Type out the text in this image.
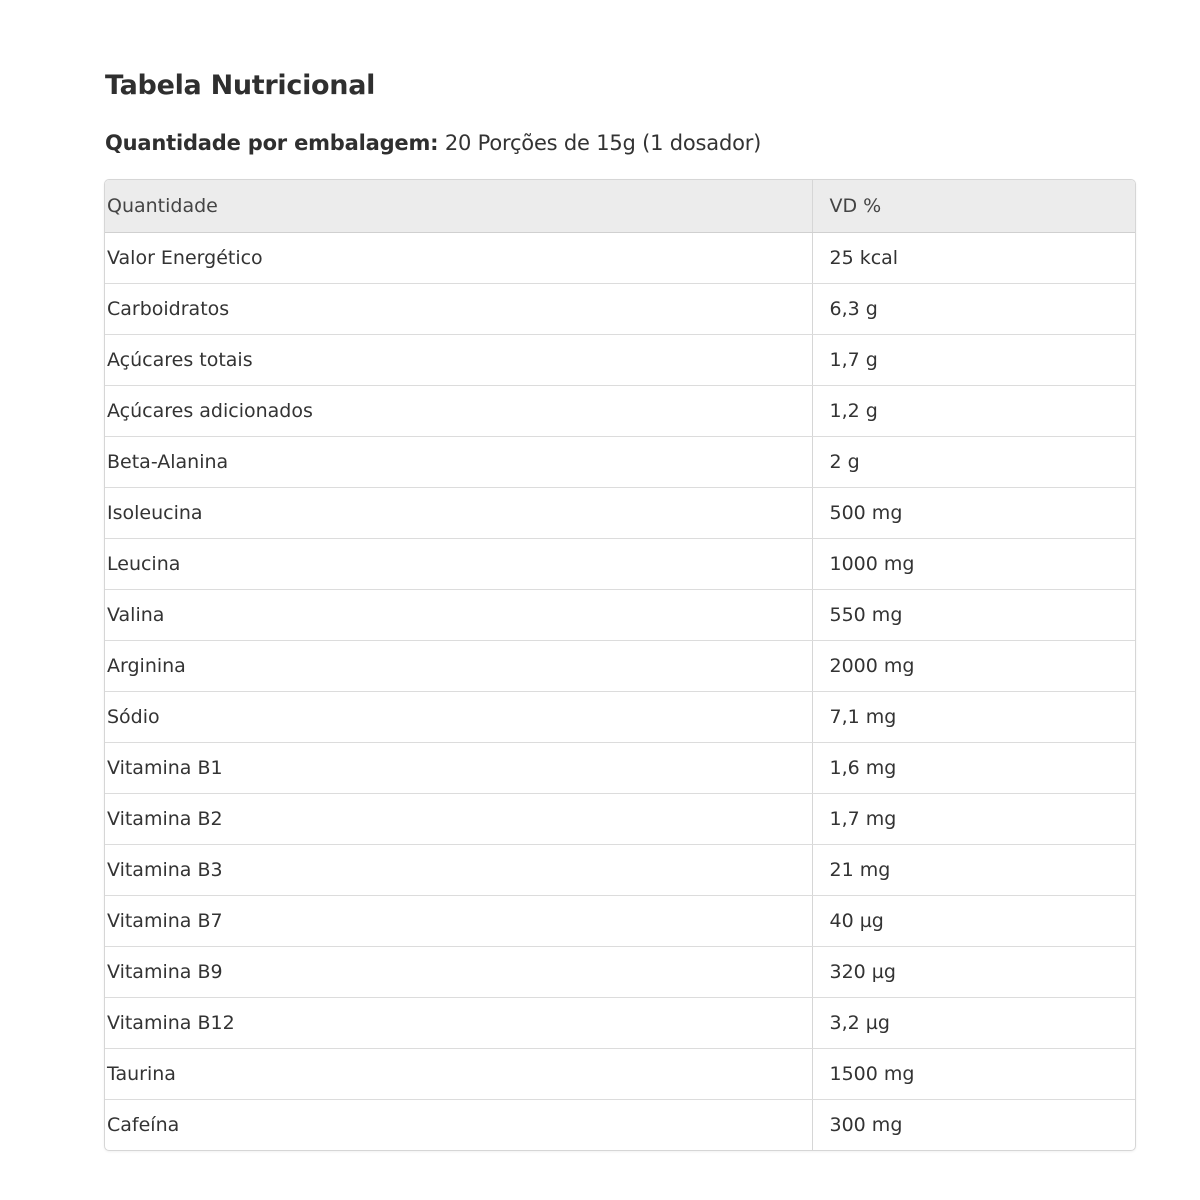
Tabela Nutricional

Quantidade por embalagem: 20 Porções de 15g (1 dosador)

Quantidade	VD %
Valor Energético	25 kcal
Carboidratos	6,3 g
Açúcares totais	1,7 g
Açúcares adicionados	1,2 g
Beta-Alanina	2 g
Isoleucina	500 mg
Leucina	1000 mg
Valina	550 mg
Arginina	2000 mg
Sódio	7,1 mg
Vitamina B1	1,6 mg
Vitamina B2	1,7 mg
Vitamina B3	21 mg
Vitamina B7	40 µg
Vitamina B9	320 µg
Vitamina B12	3,2 µg
Taurina	1500 mg
Cafeína	300 mg
